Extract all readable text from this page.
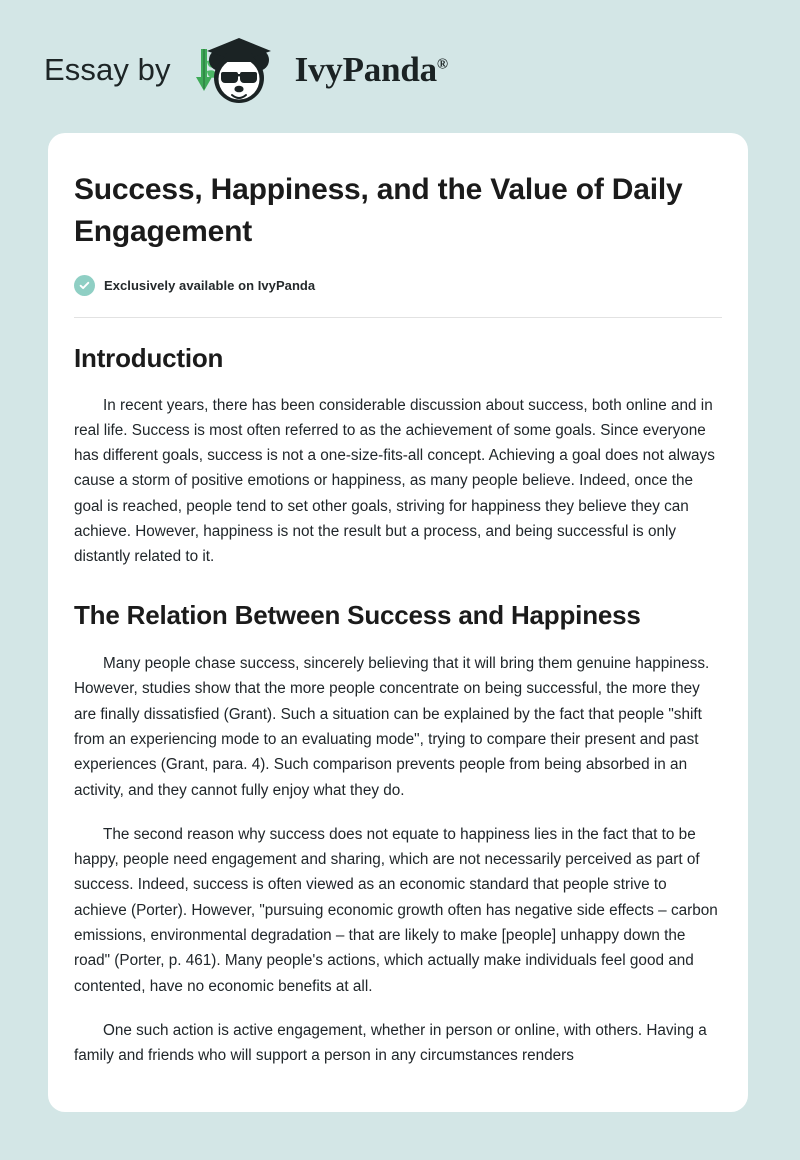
Essay by	IvyPanda®
Success, Happiness, and the Value of Daily Engagement
Exclusively available on IvyPanda
Introduction

In recent years, there has been considerable discussion about success, both online and in real life. Success is most often referred to as the achievement of some goals. Since everyone has different goals, success is not a one-size-fits-all concept. Achieving a goal does not always cause a storm of positive emotions or happiness, as many people believe. Indeed, once the goal is reached, people tend to set other goals, striving for happiness they believe they can achieve. However, happiness is not the result but a process, and being successful is only distantly related to it.

The Relation Between Success and Happiness

Many people chase success, sincerely believing that it will bring them genuine happiness. However, studies show that the more people concentrate on being successful, the more they are finally dissatisfied (Grant). Such a situation can be explained by the fact that people "shift from an experiencing mode to an evaluating mode", trying to compare their present and past experiences (Grant, para. 4). Such comparison prevents people from being absorbed in an activity, and they cannot fully enjoy what they do.

The second reason why success does not equate to happiness lies in the fact that to be happy, people need engagement and sharing, which are not necessarily perceived as part of success. Indeed, success is often viewed as an economic standard that people strive to achieve (Porter). However, "pursuing economic growth often has negative side effects – carbon emissions, environmental degradation – that are likely to make [people] unhappy down the road" (Porter, p. 461). Many people's actions, which actually make individuals feel good and contented, have no economic benefits at all.

One such action is active engagement, whether in person or online, with others. Having a family and friends who will support a person in any circumstances renders
